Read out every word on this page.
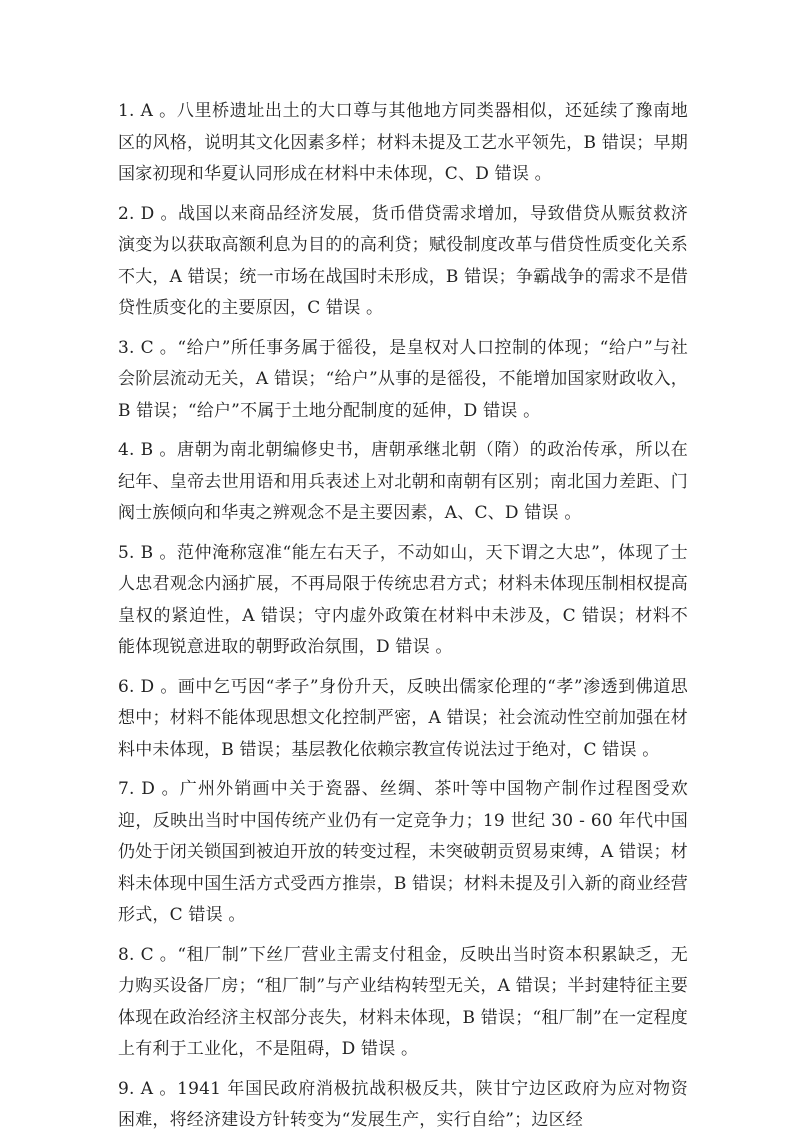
1. A 。八里桥遗址出土的大口尊与其他地方同类器相似，还延续了豫南地区的风格，说明其文化因素多样；材料未提及工艺水平领先，B 错误；早期国家初现和华夏认同形成在材料中未体现，C、D 错误 。

2. D 。战国以来商品经济发展，货币借贷需求增加，导致借贷从赈贫救济演变为以获取高额利息为目的的高利贷；赋役制度改革与借贷性质变化关系不大，A 错误；统一市场在战国时未形成，B 错误；争霸战争的需求不是借贷性质变化的主要原因，C 错误 。

3. C 。“给户”所任事务属于徭役，是皇权对人口控制的体现；“给户”与社会阶层流动无关，A 错误；“给户”从事的是徭役，不能增加国家财政收入，B 错误；“给户”不属于土地分配制度的延伸，D 错误 。

4. B 。唐朝为南北朝编修史书，唐朝承继北朝（隋）的政治传承，所以在纪年、皇帝去世用语和用兵表述上对北朝和南朝有区别；南北国力差距、门阀士族倾向和华夷之辨观念不是主要因素，A、C、D 错误 。

5. B 。范仲淹称寇准“能左右天子，不动如山，天下谓之大忠”，体现了士人忠君观念内涵扩展，不再局限于传统忠君方式；材料未体现压制相权提高皇权的紧迫性，A 错误；守内虚外政策在材料中未涉及，C 错误；材料不能体现锐意进取的朝野政治氛围，D 错误 。

6. D 。画中乞丐因“孝子”身份升天，反映出儒家伦理的“孝”渗透到佛道思想中；材料不能体现思想文化控制严密，A 错误；社会流动性空前加强在材料中未体现，B 错误；基层教化依赖宗教宣传说法过于绝对，C 错误 。

7. D 。广州外销画中关于瓷器、丝绸、茶叶等中国物产制作过程图受欢迎，反映出当时中国传统产业仍有一定竞争力；19 世纪 30 - 60 年代中国仍处于闭关锁国到被迫开放的转变过程，未突破朝贡贸易束缚，A 错误；材料未体现中国生活方式受西方推崇，B 错误；材料未提及引入新的商业经营形式，C 错误 。

8. C 。“租厂制”下丝厂营业主需支付租金，反映出当时资本积累缺乏，无力购买设备厂房；“租厂制”与产业结构转型无关，A 错误；半封建特征主要体现在政治经济主权部分丧失，材料未体现，B 错误；“租厂制”在一定程度上有利于工业化，不是阻碍，D 错误 。

9. A 。1941 年国民政府消极抗战积极反共，陕甘宁边区政府为应对物资困难，将经济建设方针转变为“发展生产，实行自给”；边区经
